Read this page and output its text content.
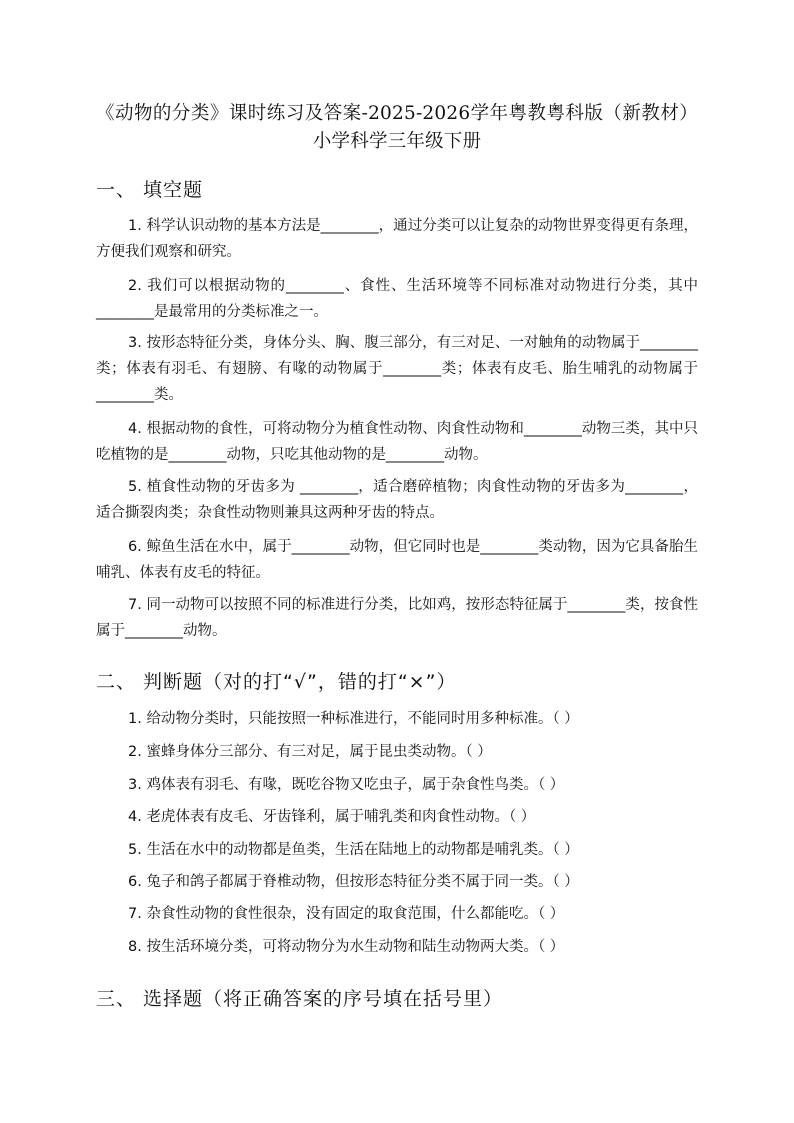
《动物的分类》课时练习及答案-2025-2026学年粤教粤科版（新教材） 小学科学三年级下册
一、 填空题
1. 科学认识动物的基本方法是________，通过分类可以让复杂的动物世界变得更有条理，方便我们观察和研究。
2. 我们可以根据动物的________、食性、生活环境等不同标准对动物进行分类，其中________是最常用的分类标准之一。
3. 按形态特征分类，身体分头、胸、腹三部分，有三对足、一对触角的动物属于________类；体表有羽毛、有翅膀、有喙的动物属于________类；体表有皮毛、胎生哺乳的动物属于________类。
4. 根据动物的食性，可将动物分为植食性动物、肉食性动物和________动物三类，其中只吃植物的是________动物，只吃其他动物的是________动物。
5. 植食性动物的牙齿多为 ________，适合磨碎植物；肉食性动物的牙齿多为________，适合撕裂肉类；杂食性动物则兼具这两种牙齿的特点。
6. 鲸鱼生活在水中，属于________动物，但它同时也是________类动物，因为它具备胎生哺乳、体表有皮毛的特征。
7. 同一动物可以按照不同的标准进行分类，比如鸡，按形态特征属于________类，按食性属于________动物。
二、 判断题（对的打“√”，错的打“×”）
1. 给动物分类时，只能按照一种标准进行，不能同时用多种标准。（ ）
2. 蜜蜂身体分三部分、有三对足，属于昆虫类动物。（ ）
3. 鸡体表有羽毛、有喙，既吃谷物又吃虫子，属于杂食性鸟类。（ ）
4. 老虎体表有皮毛、牙齿锋利，属于哺乳类和肉食性动物。（ ）
5. 生活在水中的动物都是鱼类，生活在陆地上的动物都是哺乳类。（ ）
6. 兔子和鸽子都属于脊椎动物，但按形态特征分类不属于同一类。（ ）
7. 杂食性动物的食性很杂，没有固定的取食范围，什么都能吃。（ ）
8. 按生活环境分类，可将动物分为水生动物和陆生动物两大类。（ ）
三、 选择题（将正确答案的序号填在括号里）
